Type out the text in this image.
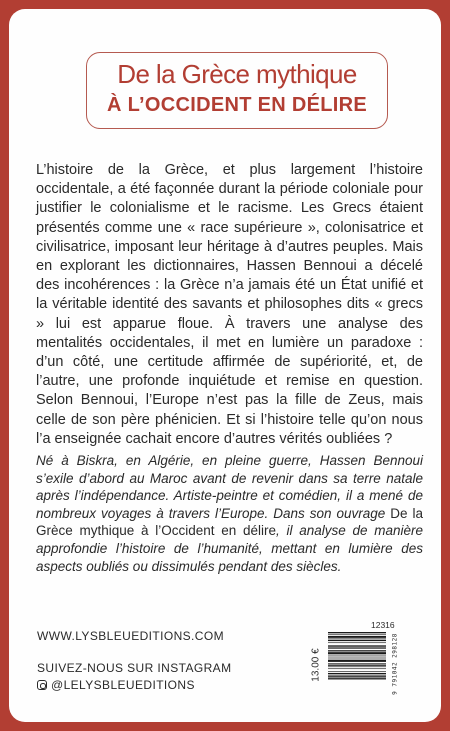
De la Grèce mythique
À L’OCCIDENT EN DÉLIRE
L’histoire de la Grèce, et plus largement l’histoire occidentale, a été façonnée durant la période coloniale pour justifier le colonialisme et le racisme. Les Grecs étaient présentés comme une « race supérieure », colonisatrice et civilisatrice, imposant leur héritage à d’autres peuples. Mais en explorant les dictionnaires, Hassen Bennoui a décelé des incohérences : la Grèce n’a jamais été un État unifié et la véritable identité des savants et philosophes dits « grecs » lui est apparue floue. À travers une analyse des mentalités occidentales, il met en lumière un paradoxe : d’un côté, une certitude affirmée de supériorité, et, de l’autre, une profonde inquiétude et remise en question. Selon Bennoui, l’Europe n’est pas la fille de Zeus, mais celle de son père phénicien. Et si l’histoire telle qu’on nous l’a enseignée cachait encore d’autres vérités oubliées ?
Né à Biskra, en Algérie, en pleine guerre, Hassen Bennoui s’exile d’abord au Maroc avant de revenir dans sa terre natale après l’indépendance. Artiste-peintre et comédien, il a mené de nombreux voyages à travers l’Europe. Dans son ouvrage De la Grèce mythique à l’Occident en délire, il analyse de manière approfondie l’histoire de l’humanité, mettant en lumière des aspects oubliés ou dissimulés pendant des siècles.
WWW.LYSBLEUEDITIONS.COM
SUIVEZ-NOUS SUR INSTAGRAM
@LELYSBLEUEDITIONS
12316
13.00 €	9 791042 298128
